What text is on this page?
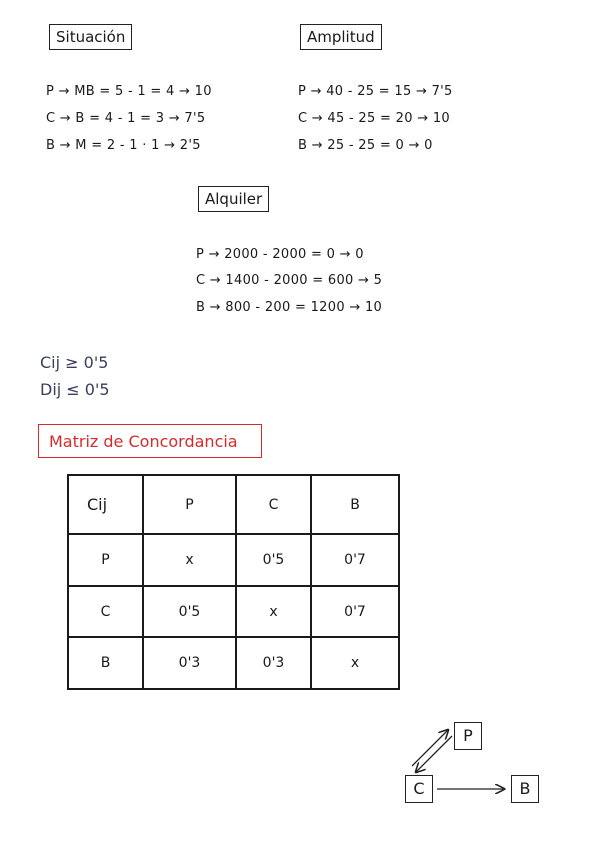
Situación
P → MB = 5 - 1 = 4 → 10
C → B = 4 - 1 = 3 → 7'5
B → M = 2 - 1 · 1 → 2'5
Amplitud
P → 40 - 25 = 15 → 7'5
C → 45 - 25 = 20 → 10
B → 25 - 25 = 0 → 0
Alquiler
P → 2000 - 2000 = 0 → 0
C → 1400 - 2000 = 600 → 5
B → 800 - 200 = 1200 → 10
Cij ≥ 0'5
Dij ≤ 0'5
Matriz de Concordancia
Cij	P	C	B
P	x	0'5	0'7
C	0'5	x	0'7
B	0'3	0'3	x
P
C	B
